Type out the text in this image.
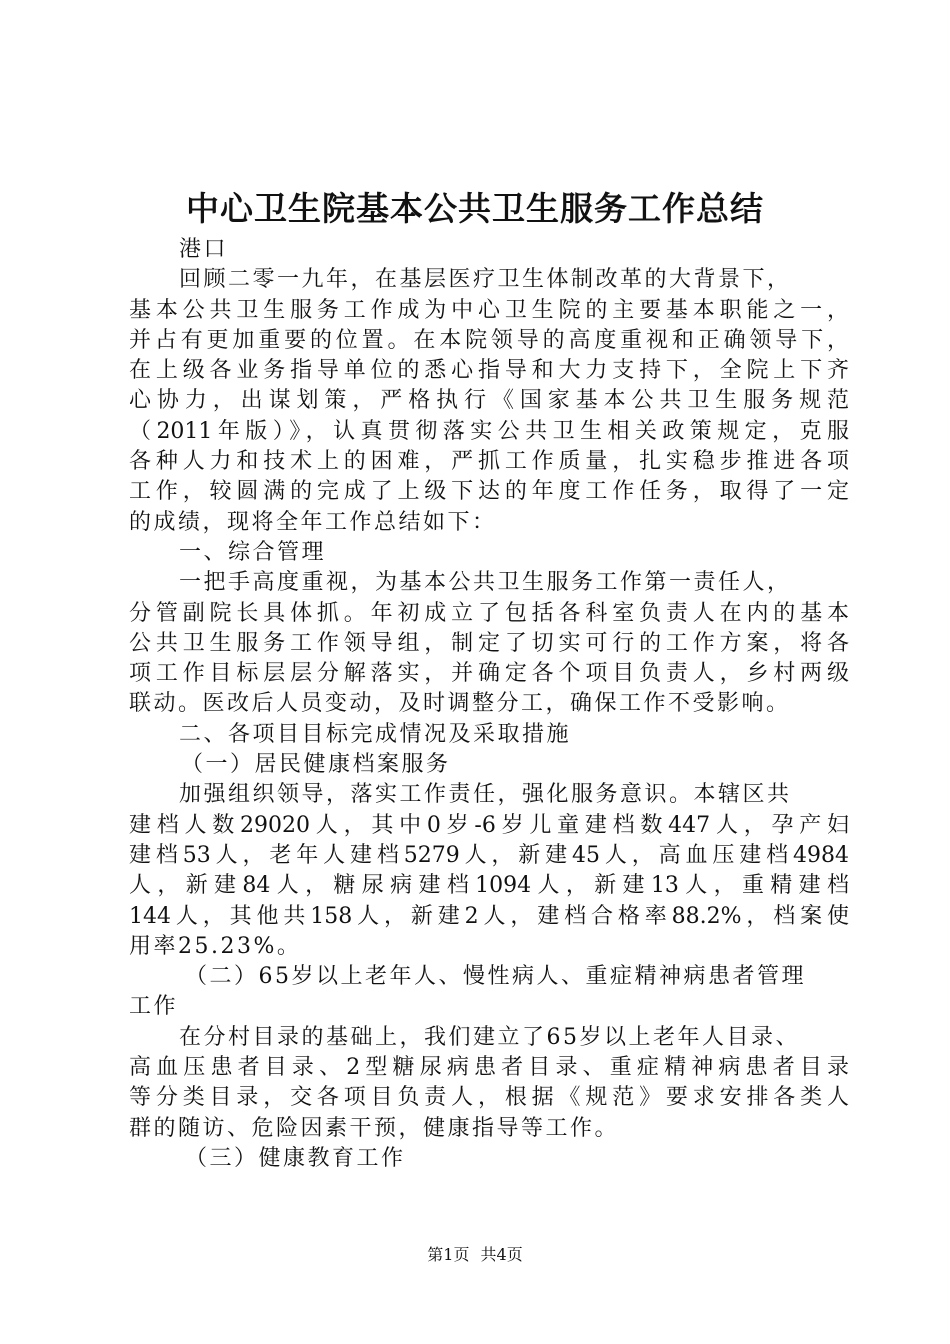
中心卫生院基本公共卫生服务工作总结
港口
回顾二零一九年，在基层医疗卫生体制改革的大背景下，
基本公共卫生服务工作成为中心卫生院的主要基本职能之一，
并占有更加重要的位置。在本院领导的高度重视和正确领导下，
在上级各业务指导单位的悉心指导和大力支持下，全院上下齐
心协力，出谋划策，严格执行《国家基本公共卫生服务规范
（2011年版）》，认真贯彻落实公共卫生相关政策规定，克服
各种人力和技术上的困难，严抓工作质量，扎实稳步推进各项
工作，较圆满的完成了上级下达的年度工作任务，取得了一定
的成绩，现将全年工作总结如下：
一、综合管理
一把手高度重视，为基本公共卫生服务工作第一责任人，
分管副院长具体抓。年初成立了包括各科室负责人在内的基本
公共卫生服务工作领导组，制定了切实可行的工作方案，将各
项工作目标层层分解落实，并确定各个项目负责人，乡村两级
联动。医改后人员变动，及时调整分工，确保工作不受影响。
二、各项目目标完成情况及采取措施
（一）居民健康档案服务
加强组织领导，落实工作责任，强化服务意识。本辖区共
建档人数29020人，其中0岁-6岁儿童建档数447人，孕产妇
建档53人，老年人建档5279人，新建45人，高血压建档4984
人，新建84人，糖尿病建档1094人，新建13人，重精建档
144人，其他共158人，新建2人，建档合格率88.2%，档案使
用率25.23%。
（二）65岁以上老年人、慢性病人、重症精神病患者管理
工作
在分村目录的基础上，我们建立了65岁以上老年人目录、
高血压患者目录、2型糖尿病患者目录、重症精神病患者目录
等分类目录，交各项目负责人，根据《规范》要求安排各类人
群的随访、危险因素干预，健康指导等工作。
（三）健康教育工作
第1页 共4页
